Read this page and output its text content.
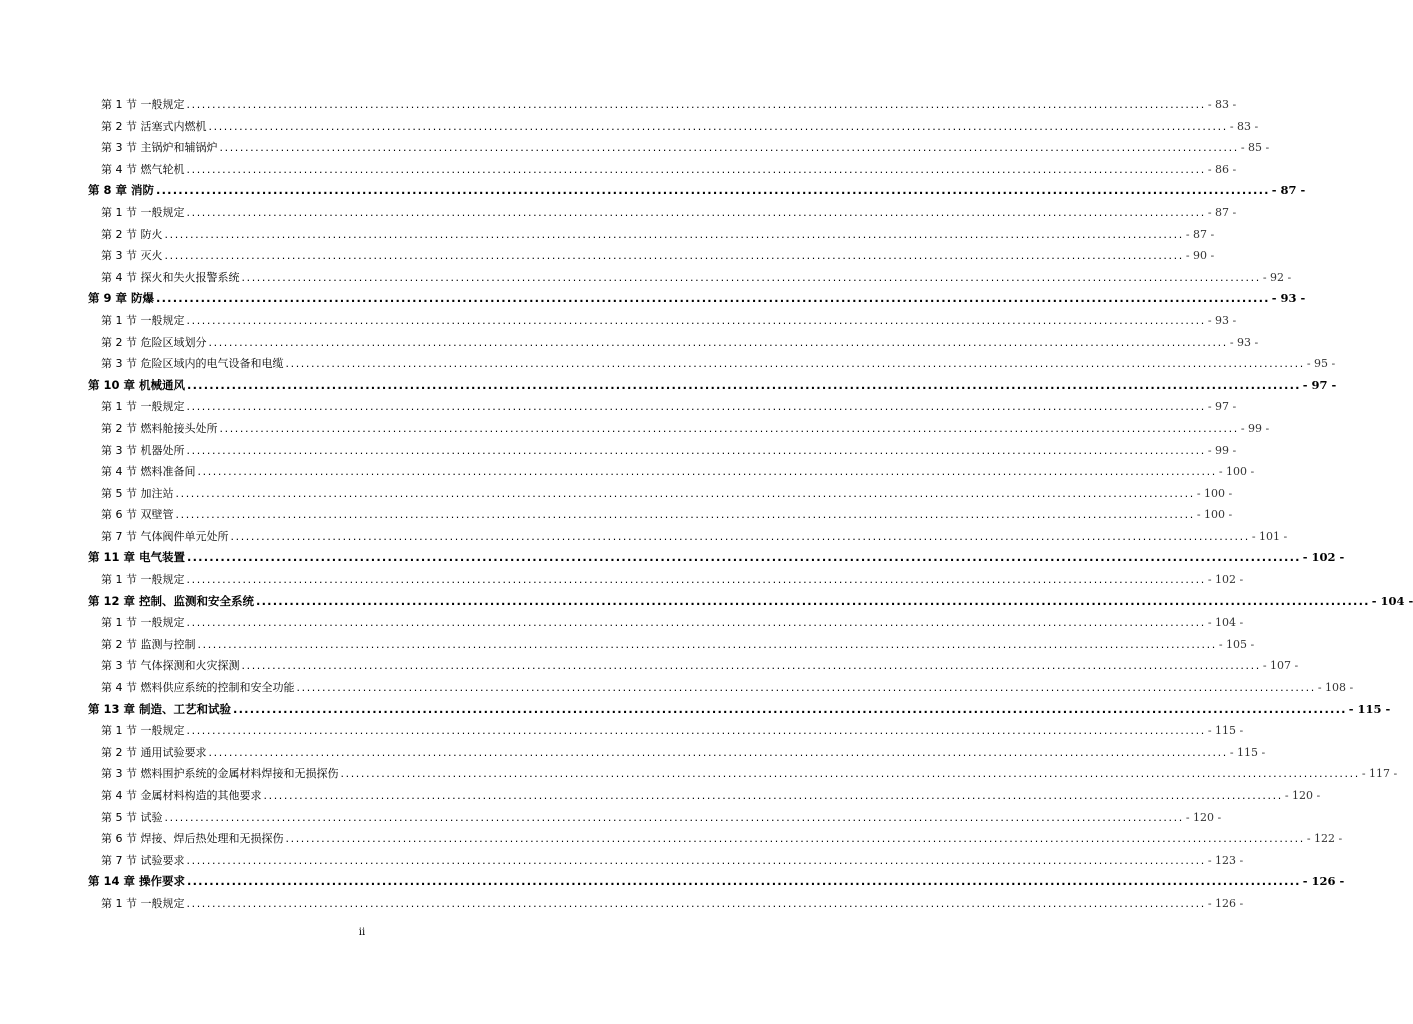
第 1 节 一般规定 ........................................................................................................................................................................................................ - 83 -
第 2 节 活塞式内燃机 ........................................................................................................................................................................................................ - 83 -
第 3 节 主锅炉和辅锅炉 ........................................................................................................................................................................................................ - 85 -
第 4 节 燃气轮机 ........................................................................................................................................................................................................ - 86 -
第 8 章 消防 ........................................................................................................................................................................................................ - 87 -
第 1 节 一般规定 ........................................................................................................................................................................................................ - 87 -
第 2 节 防火 ........................................................................................................................................................................................................ - 87 -
第 3 节 灭火 ........................................................................................................................................................................................................ - 90 -
第 4 节 探火和失火报警系统 ........................................................................................................................................................................................................ - 92 -
第 9 章 防爆 ........................................................................................................................................................................................................ - 93 -
第 1 节 一般规定 ........................................................................................................................................................................................................ - 93 -
第 2 节 危险区域划分 ........................................................................................................................................................................................................ - 93 -
第 3 节 危险区域内的电气设备和电缆 ........................................................................................................................................................................................................ - 95 -
第 10 章 机械通风 ........................................................................................................................................................................................................ - 97 -
第 1 节 一般规定 ........................................................................................................................................................................................................ - 97 -
第 2 节 燃料舱接头处所 ........................................................................................................................................................................................................ - 99 -
第 3 节 机器处所 ........................................................................................................................................................................................................ - 99 -
第 4 节 燃料准备间 ........................................................................................................................................................................................................ - 100 -
第 5 节 加注站 ........................................................................................................................................................................................................ - 100 -
第 6 节 双壁管 ........................................................................................................................................................................................................ - 100 -
第 7 节 气体阀件单元处所 ........................................................................................................................................................................................................ - 101 -
第 11 章 电气装置 ........................................................................................................................................................................................................ - 102 -
第 1 节 一般规定 ........................................................................................................................................................................................................ - 102 -
第 12 章 控制、监测和安全系统 ........................................................................................................................................................................................................ - 104 -
第 1 节 一般规定 ........................................................................................................................................................................................................ - 104 -
第 2 节 监测与控制 ........................................................................................................................................................................................................ - 105 -
第 3 节 气体探测和火灾探测 ........................................................................................................................................................................................................ - 107 -
第 4 节 燃料供应系统的控制和安全功能 ........................................................................................................................................................................................................ - 108 -
第 13 章 制造、工艺和试验 ........................................................................................................................................................................................................ - 115 -
第 1 节 一般规定 ........................................................................................................................................................................................................ - 115 -
第 2 节 通用试验要求 ........................................................................................................................................................................................................ - 115 -
第 3 节 燃料围护系统的金属材料焊接和无损探伤 ........................................................................................................................................................................................................ - 117 -
第 4 节 金属材料构造的其他要求 ........................................................................................................................................................................................................ - 120 -
第 5 节 试验 ........................................................................................................................................................................................................ - 120 -
第 6 节 焊接、焊后热处理和无损探伤 ........................................................................................................................................................................................................ - 122 -
第 7 节 试验要求 ........................................................................................................................................................................................................ - 123 -
第 14 章 操作要求 ........................................................................................................................................................................................................ - 126 -
第 1 节 一般规定 ........................................................................................................................................................................................................ - 126 -
ii
